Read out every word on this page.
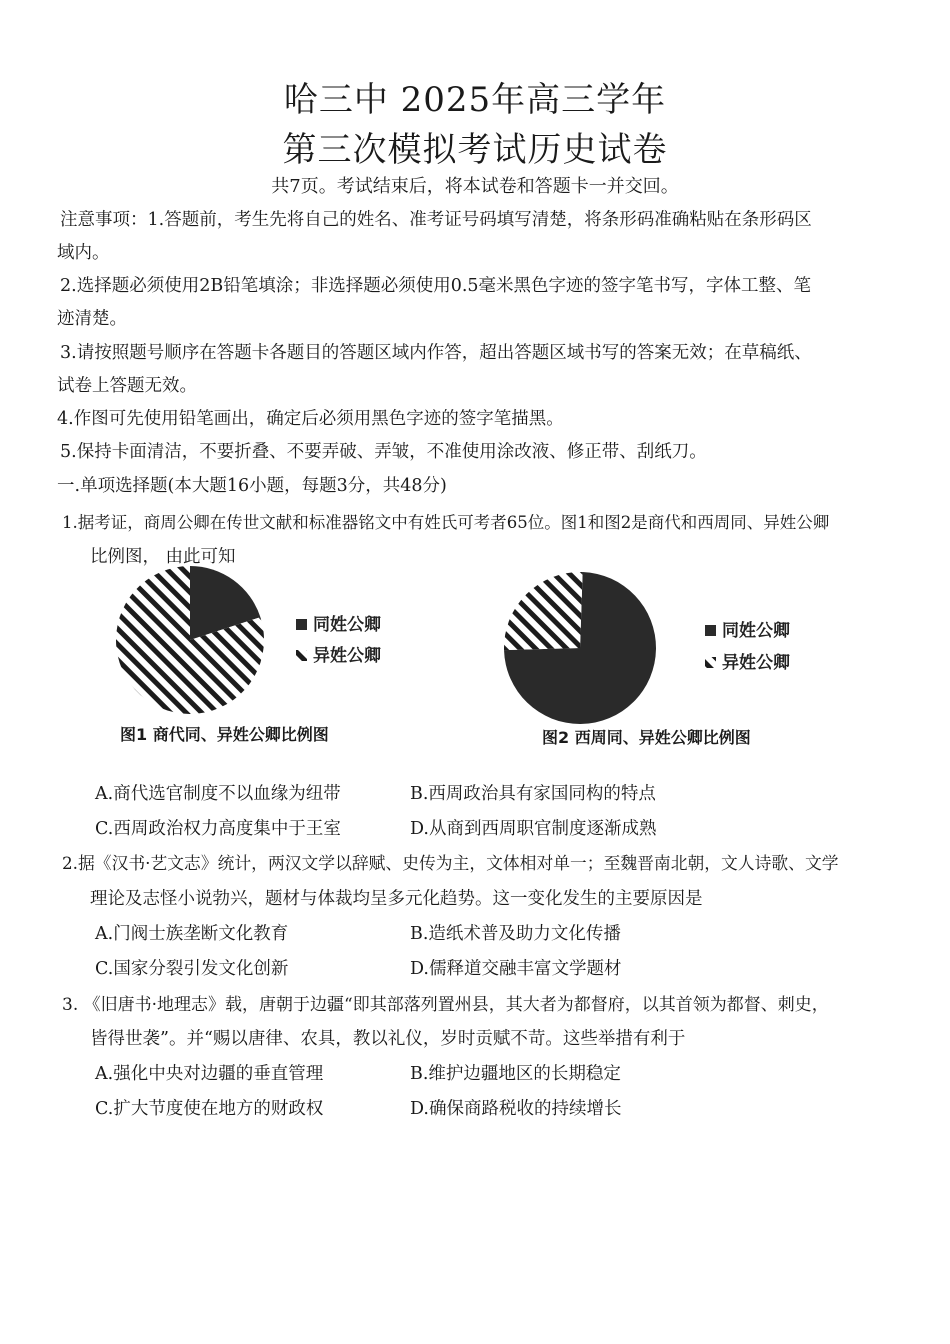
哈三中 2025年高三学年
第三次模拟考试历史试卷
共7页。考试结束后，将本试卷和答题卡一并交回。
注意事项：1.答题前，考生先将自己的姓名、准考证号码填写清楚，将条形码准确粘贴在条形码区
域内。
2.选择题必须使用2B铅笔填涂；非选择题必须使用0.5毫米黑色字迹的签字笔书写，字体工整、笔
迹清楚。
3.请按照题号顺序在答题卡各题目的答题区域内作答，超出答题区域书写的答案无效；在草稿纸、
试卷上答题无效。
4.作图可先使用铅笔画出，确定后必须用黑色字迹的签字笔描黑。
5.保持卡面清洁，不要折叠、不要弄破、弄皱，不准使用涂改液、修正带、刮纸刀。
一.单项选择题(本大题16小题，每题3分，共48分)
1.据考证，商周公卿在传世文献和标准器铭文中有姓氏可考者65位。图1和图2是商代和西周同、异姓公卿
比例图， 由此可知
同姓公卿
异姓公卿
图1 商代同、异姓公卿比例图
同姓公卿
异姓公卿
图2 西周同、异姓公卿比例图
A.商代选官制度不以血缘为纽带	B.西周政治具有家国同构的特点
C.西周政治权力高度集中于王室	D.从商到西周职官制度逐渐成熟
2.据《汉书·艺文志》统计，两汉文学以辞赋、史传为主，文体相对单一；至魏晋南北朝，文人诗歌、文学
理论及志怪小说勃兴，题材与体裁均呈多元化趋势。这一变化发生的主要原因是
A.门阀士族垄断文化教育	B.造纸术普及助力文化传播
C.国家分裂引发文化创新	D.儒释道交融丰富文学题材
3. 《旧唐书·地理志》载，唐朝于边疆“即其部落列置州县，其大者为都督府，以其首领为都督、刺史，
皆得世袭”。并“赐以唐律、农具，教以礼仪，岁时贡赋不苛。这些举措有利于
A.强化中央对边疆的垂直管理	B.维护边疆地区的长期稳定
C.扩大节度使在地方的财政权	D.确保商路税收的持续增长
